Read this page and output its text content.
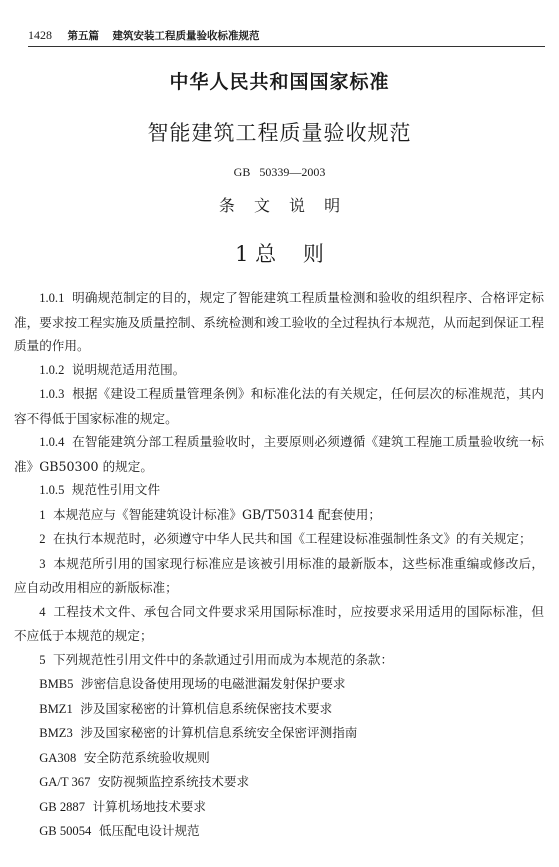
1428 第五篇 建筑安装工程质量验收标准规范
中华人民共和国国家标准
智能建筑工程质量验收规范
GB   50339—2003
条 文 说 明
1 总    则

1.0.1 明确规范制定的目的，规定了智能建筑工程质量检测和验收的组织程序、合格评定标准，要求按工程实施及质量控制、系统检测和竣工验收的全过程执行本规范，从而起到保证工程质量的作用。

1.0.2 说明规范适用范围。

1.0.3 根据《建设工程质量管理条例》和标准化法的有关规定，任何层次的标准规范，其内容不得低于国家标准的规定。

1.0.4 在智能建筑分部工程质量验收时，主要原则必须遵循《建筑工程施工质量验收统一标准》GB50300 的规定。

1.0.5 规范性引用文件

1 本规范应与《智能建筑设计标准》GB/T50314 配套使用；

2 在执行本规范时，必须遵守中华人民共和国《工程建设标准强制性条文》的有关规定；

3 本规范所引用的国家现行标准应是该被引用标准的最新版本，这些标准重编或修改后，应自动改用相应的新版标准；

4 工程技术文件、承包合同文件要求采用国际标准时，应按要求采用适用的国际标准，但不应低于本规范的规定；

5 下列规范性引用文件中的条款通过引用而成为本规范的条款：

BMB5 涉密信息设备使用现场的电磁泄漏发射保护要求

BMZ1 涉及国家秘密的计算机信息系统保密技术要求

BMZ3 涉及国家秘密的计算机信息系统安全保密评测指南

GA308 安全防范系统验收规则

GA/T 367 安防视频监控系统技术要求

GB 2887 计算机场地技术要求

GB 50054 低压配电设计规范
